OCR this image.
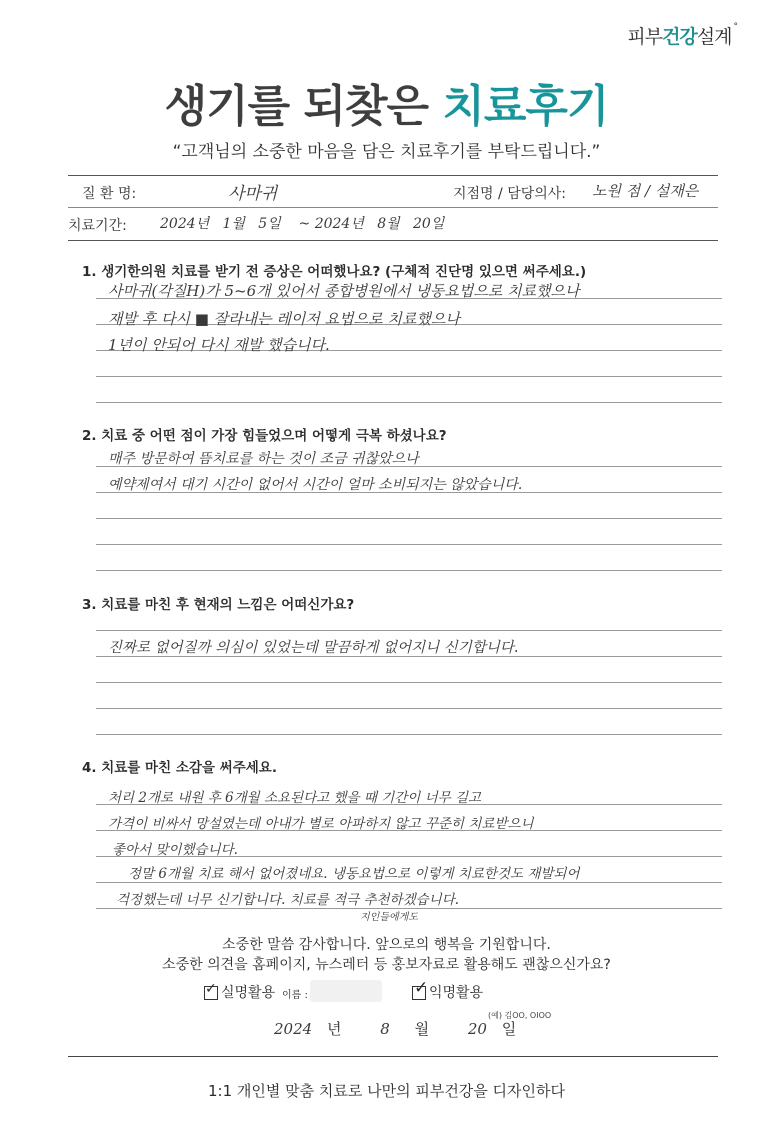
피부건강설계 °
생기를 되찾은 치료후기
“고객님의 소중한 마음을 담은 치료후기를 부탁드립니다.”
질 환 명:	사마귀	지점명 / 담당의사: 노원 점 / 설재은
치료기간: 2024년   1월   5일    ~ 2024년   8월   20일
1. 생기한의원 치료를 받기 전 증상은 어떠했나요? (구체적 진단명 있으면 써주세요.)
사마귀(각질H)가 5~6개 있어서 종합병원에서 냉동요법으로 치료했으나
재발 후 다시 ■ 잘라내는 레이저 요법으로 치료했으나
1년이 안되어 다시 재발 했습니다.
2. 치료 중 어떤 점이 가장 힘들었으며 어떻게 극복 하셨나요?
매주 방문하여 뜸치료를 하는 것이 조금 귀찮았으나
예약제여서 대기 시간이 없어서 시간이 얼마 소비되지는 않았습니다.
3. 치료를 마친 후 현재의 느낌은 어떠신가요?
진짜로 없어질까 의심이 있었는데 말끔하게 없어지니 신기합니다.
4. 치료를 마친 소감을 써주세요.
처리 2개로 내원 후 6개월 소요된다고 했을 때 기간이 너무 길고
가격이 비싸서 망설였는데 아내가 별로 아파하지 않고 꾸준히 치료받으니
좋아서 맞이했습니다.
정말 6개월 치료 해서 없어졌네요. 냉동요법으로 이렇게 치료한것도 재발되어
걱정했는데 너무 신기합니다. 치료를 적극 추천하겠습니다.
지인들에게도
소중한 말씀 감사합니다. 앞으로의 행복을 기원합니다.
소중한 의견을 홈페이지, 뉴스레터 등 홍보자료로 활용해도 괜찮으신가요?
✓ 실명활용 이름 :	✓ 익명활용
(예) 김OO, OIOO
2024 년	8 월	20 일
1:1 개인별 맞춤 치료로 나만의 피부건강을 디자인하다
